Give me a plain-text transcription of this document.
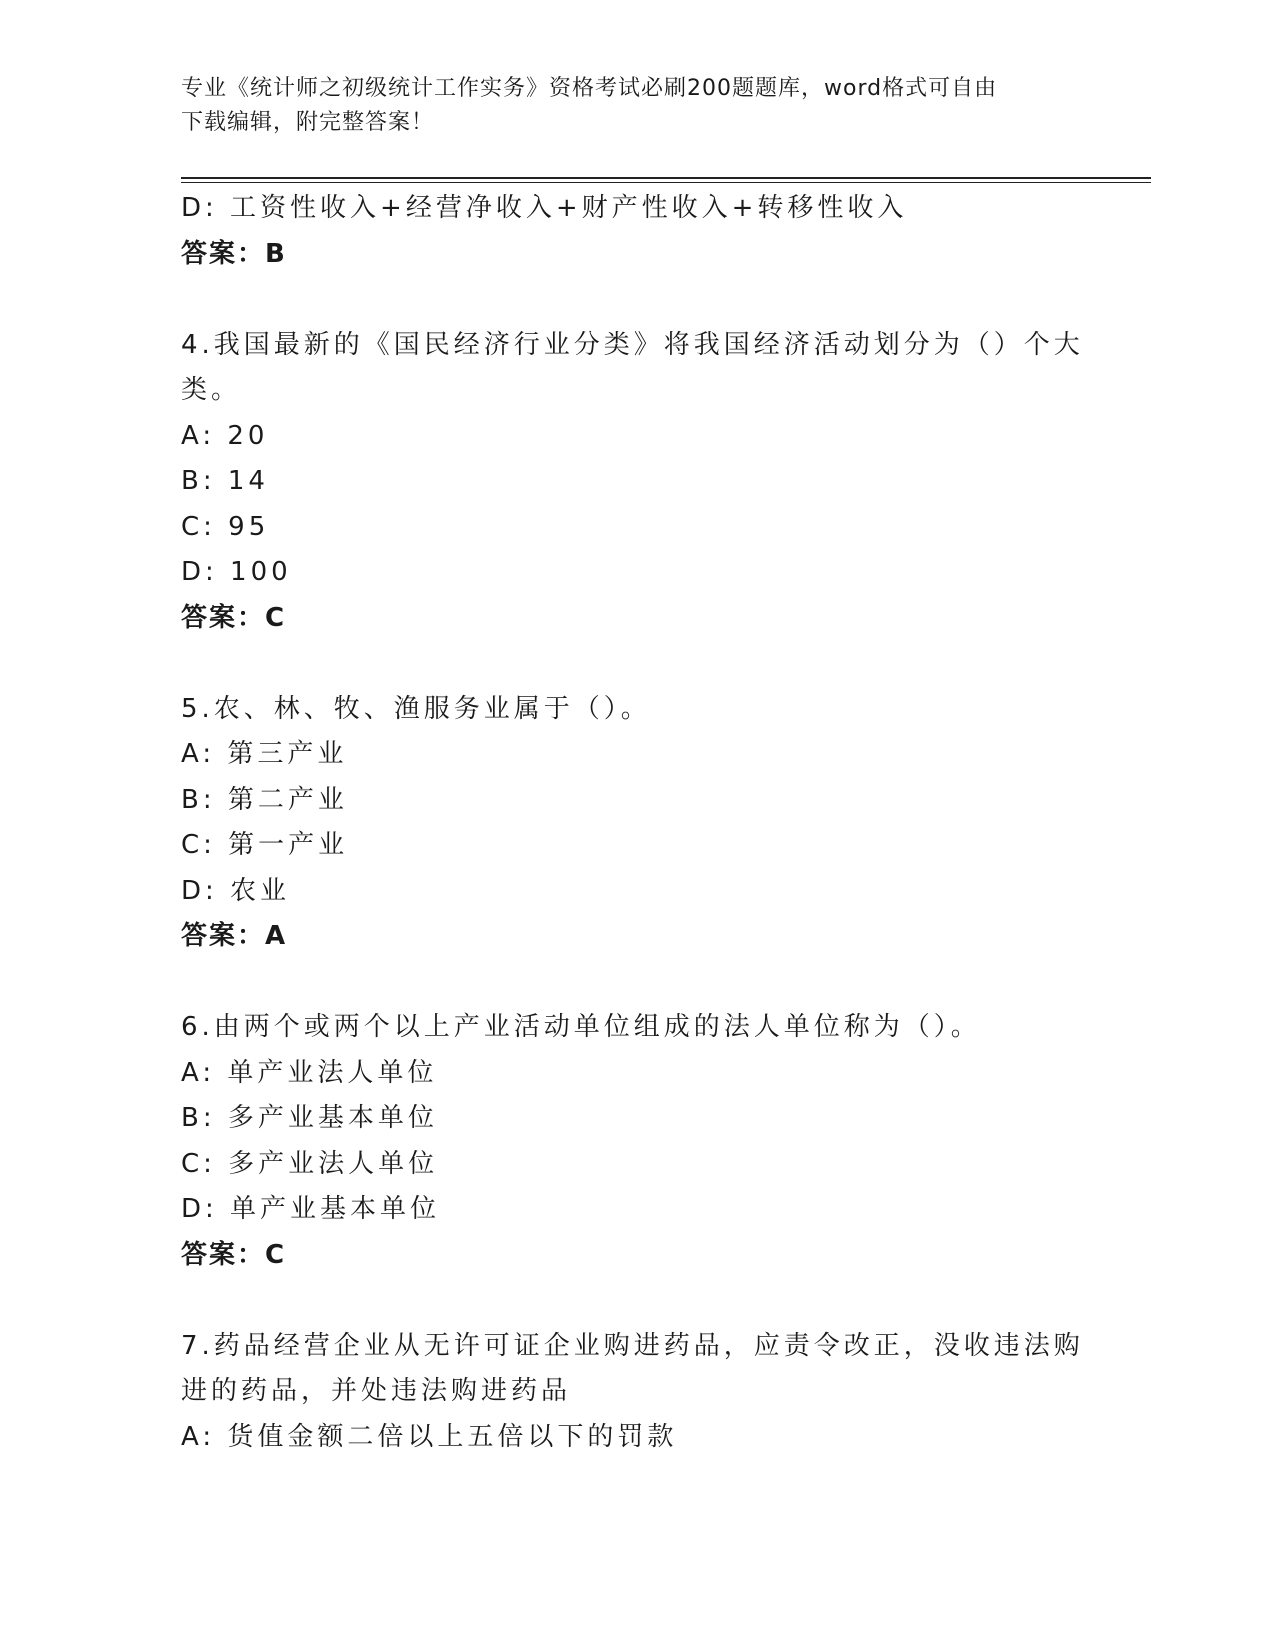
专业《统计师之初级统计工作实务》资格考试必刷200题题库，word格式可自由
下载编辑，附完整答案！
D: 工资性收入+经营净收入+财产性收入+转移性收入
答案：B
4.我国最新的《国民经济行业分类》将我国经济活动划分为（）个大
类。
A: 20
B: 14
C: 95
D: 100
答案：C
5.农、林、牧、渔服务业属于（）。
A: 第三产业
B: 第二产业
C: 第一产业
D: 农业
答案：A
6.由两个或两个以上产业活动单位组成的法人单位称为（）。
A: 单产业法人单位
B: 多产业基本单位
C: 多产业法人单位
D: 单产业基本单位
答案：C
7.药品经营企业从无许可证企业购进药品，应责令改正，没收违法购
进的药品，并处违法购进药品
A: 货值金额二倍以上五倍以下的罚款
